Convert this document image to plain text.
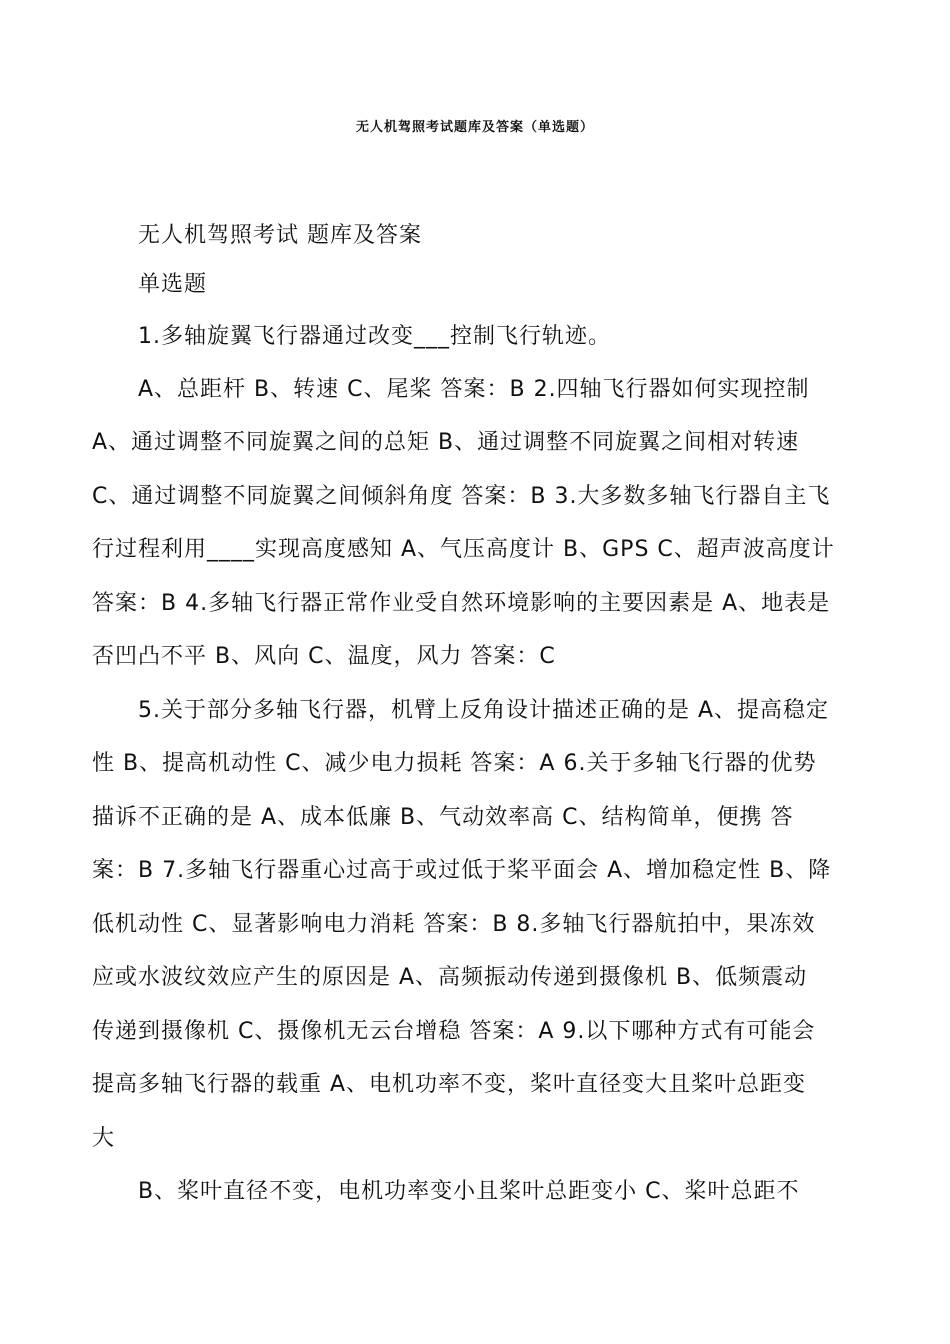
无人机驾照考试题库及答案（单选题）
无人机驾照考试 题库及答案
单选题
1.多轴旋翼飞行器通过改变___控制飞行轨迹。
A、总距杆 B、转速 C、尾桨 答案：B 2.四轴飞行器如何实现控制
A、通过调整不同旋翼之间的总矩 B、通过调整不同旋翼之间相对转速
C、通过调整不同旋翼之间倾斜角度 答案：B 3.大多数多轴飞行器自主飞
行过程利用____实现高度感知 A、气压高度计 B、GPS C、超声波高度计
答案：B 4.多轴飞行器正常作业受自然环境影响的主要因素是 A、地表是
否凹凸不平 B、风向 C、温度，风力 答案：C
5.关于部分多轴飞行器，机臂上反角设计描述正确的是 A、提高稳定
性 B、提高机动性 C、减少电力损耗 答案：A 6.关于多轴飞行器的优势
描诉不正确的是 A、成本低廉 B、气动效率高 C、结构简单，便携 答
案：B 7.多轴飞行器重心过高于或过低于桨平面会 A、增加稳定性 B、降
低机动性 C、显著影响电力消耗 答案：B 8.多轴飞行器航拍中，果冻效
应或水波纹效应产生的原因是 A、高频振动传递到摄像机 B、低频震动
传递到摄像机 C、摄像机无云台增稳 答案：A 9.以下哪种方式有可能会
提高多轴飞行器的载重 A、电机功率不变，桨叶直径变大且桨叶总距变
大
B、桨叶直径不变，电机功率变小且桨叶总距变小 C、桨叶总距不
